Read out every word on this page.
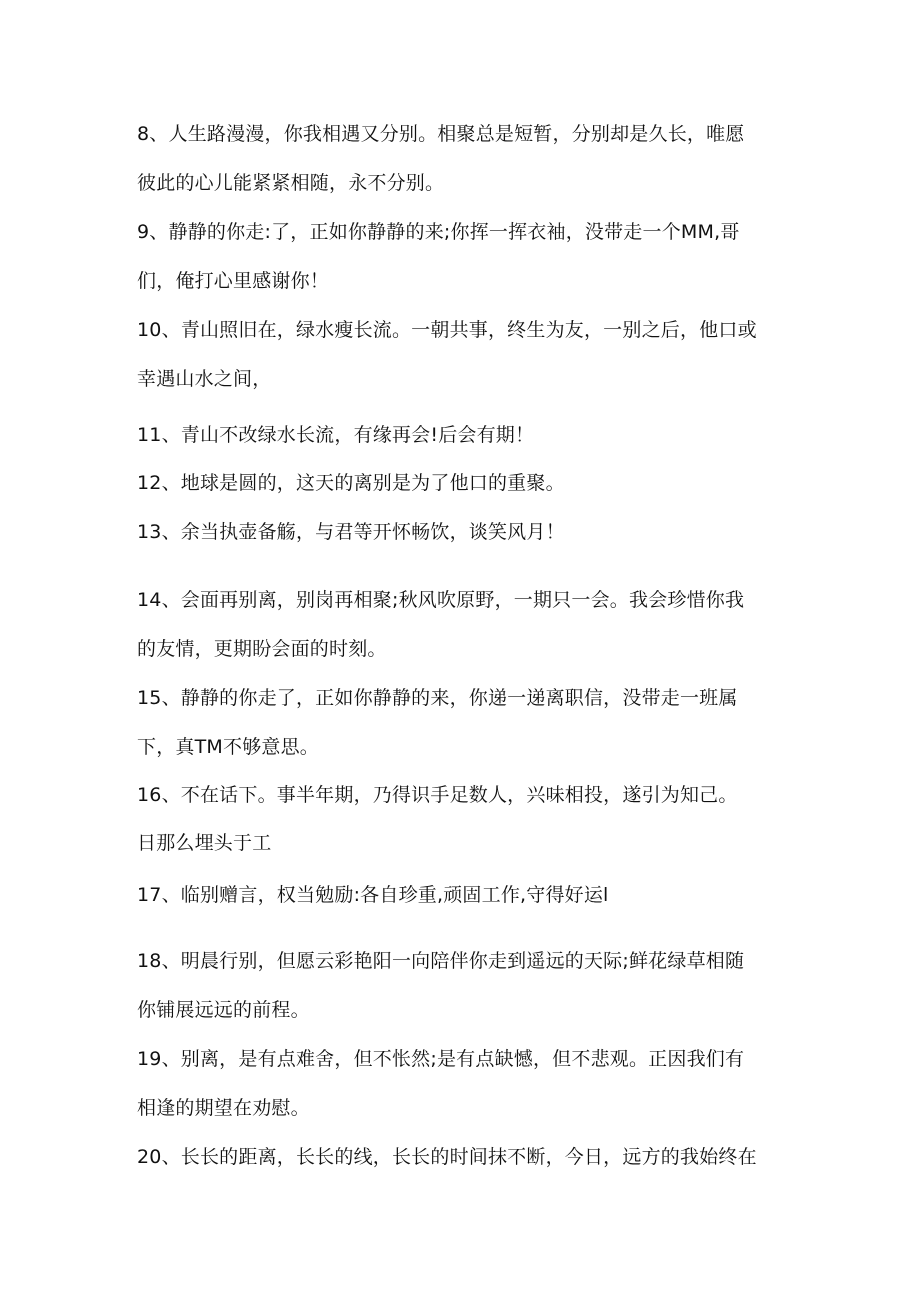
8、人生路漫漫，你我相遇又分别。相聚总是短暂，分别却是久长，唯愿
彼此的心儿能紧紧相随，永不分别。
9、静静的你走:了，正如你静静的来;你挥一挥衣袖，没带走一个MM,哥
们，俺打心里感谢你！
10、青山照旧在，绿水瘦长流。一朝共事，终生为友，一别之后，他口或
幸遇山水之间，
11、青山不改绿水长流，有缘再会!后会有期！
12、地球是圆的，这天的离别是为了他口的重聚。
13、余当执壶备觞，与君等开怀畅饮，谈笑风月！
14、会面再别离，别岗再相聚;秋风吹原野，一期只一会。我会珍惜你我
的友情，更期盼会面的时刻。
15、静静的你走了，正如你静静的来，你递一递离职信，没带走一班属
下，真TM不够意思。
16、不在话下。事半年期，乃得识手足数人，兴味相投，遂引为知己。
日那么埋头于工
17、临别赠言，权当勉励:各自珍重,顽固工作,守得好运l
18、明晨行别，但愿云彩艳阳一向陪伴你走到遥远的天际;鲜花绿草相随
你铺展远远的前程。
19、别离，是有点难舍，但不怅然;是有点缺憾，但不悲观。正因我们有
相逢的期望在劝慰。
20、长长的距离，长长的线，长长的时间抹不断，今日，远方的我始终在
